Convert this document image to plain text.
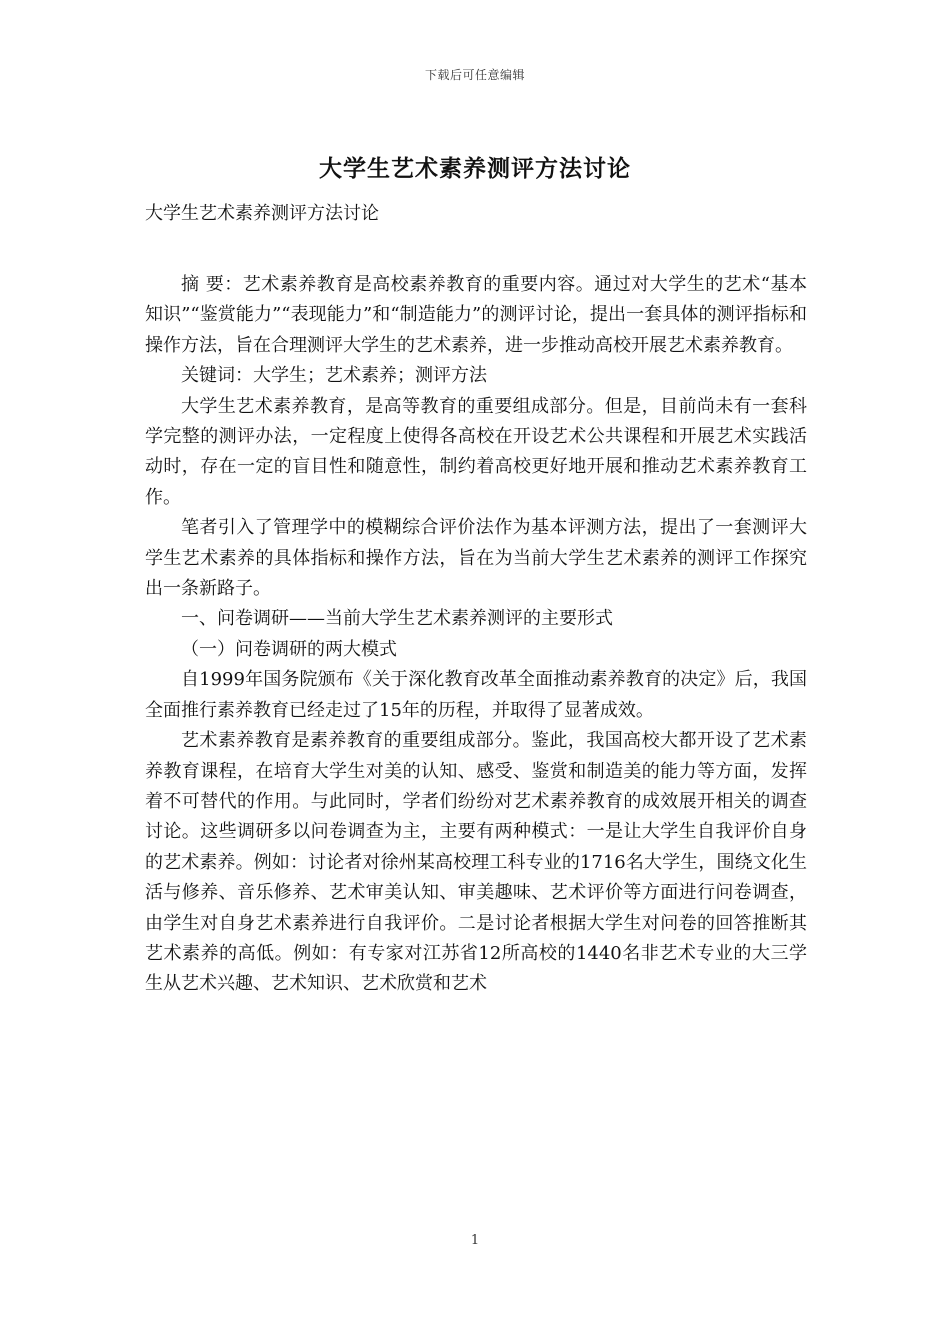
下载后可任意编辑
大学生艺术素养测评方法讨论
大学生艺术素养测评方法讨论

摘 要：艺术素养教育是高校素养教育的重要内容。通过对大学生的艺术“基本知识”“鉴赏能力”“表现能力”和“制造能力”的测评讨论，提出一套具体的测评指标和操作方法，旨在合理测评大学生的艺术素养，进一步推动高校开展艺术素养教育。

关键词：大学生；艺术素养；测评方法

大学生艺术素养教育，是高等教育的重要组成部分。但是，目前尚未有一套科学完整的测评办法，一定程度上使得各高校在开设艺术公共课程和开展艺术实践活动时，存在一定的盲目性和随意性，制约着高校更好地开展和推动艺术素养教育工作。

笔者引入了管理学中的模糊综合评价法作为基本评测方法，提出了一套测评大学生艺术素养的具体指标和操作方法，旨在为当前大学生艺术素养的测评工作探究出一条新路子。

一、问卷调研——当前大学生艺术素养测评的主要形式

（一）问卷调研的两大模式

自1999年国务院颁布《关于深化教育改革全面推动素养教育的决定》后，我国全面推行素养教育已经走过了15年的历程，并取得了显著成效。

艺术素养教育是素养教育的重要组成部分。鉴此，我国高校大都开设了艺术素养教育课程，在培育大学生对美的认知、感受、鉴赏和制造美的能力等方面，发挥着不可替代的作用。与此同时，学者们纷纷对艺术素养教育的成效展开相关的调查讨论。这些调研多以问卷调查为主，主要有两种模式：一是让大学生自我评价自身的艺术素养。例如：讨论者对徐州某高校理工科专业的1716名大学生，围绕文化生活与修养、音乐修养、艺术审美认知、审美趣味、艺术评价等方面进行问卷调查，由学生对自身艺术素养进行自我评价。二是讨论者根据大学生对问卷的回答推断其艺术素养的高低。例如：有专家对江苏省12所高校的1440名非艺术专业的大三学生从艺术兴趣、艺术知识、艺术欣赏和艺术

1
